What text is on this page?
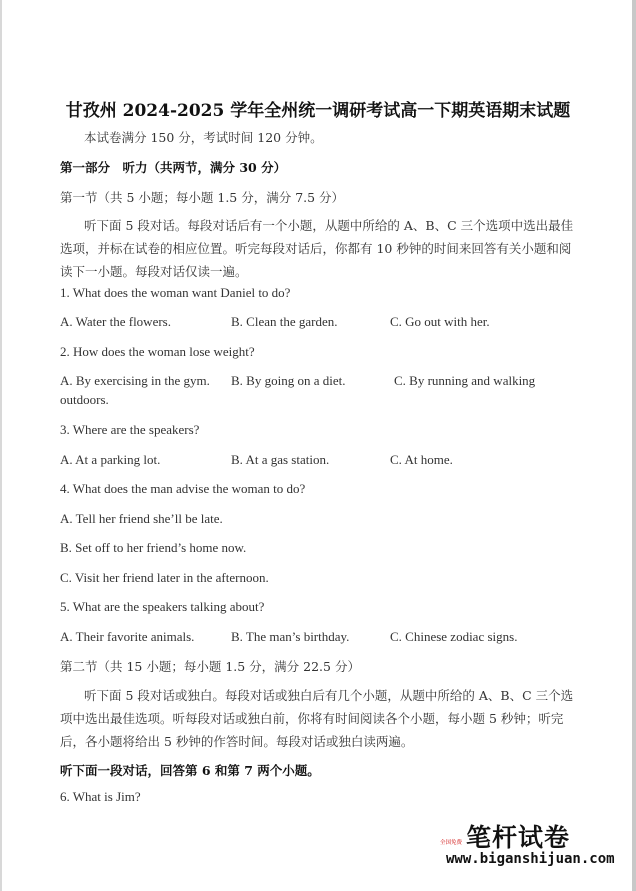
甘孜州 2024-2025 学年全州统一调研考试高一下期英语期末试题
本试卷满分 150 分，考试时间 120 分钟。
第一部分　听力（共两节，满分 30 分）
第一节（共 5 小题；每小题 1.5 分，满分 7.5 分）
听下面 5 段对话。每段对话后有一个小题，从题中所给的 A、B、C 三个选项中选出最佳
选项，并标在试卷的相应位置。听完每段对话后，你都有 10 秒钟的时间来回答有关小题和阅
读下一小题。每段对话仅读一遍。
1. What does the woman want Daniel to do?
A. Water the flowers.	B. Clean the garden.	C. Go out with her.
2. How does the woman lose weight?
A. By exercising in the gym. B. By going on a diet.	C. By running and walking
outdoors.
3. Where are the speakers?
A. At a parking lot.	B. At a gas station.	C. At home.
4. What does the man advise the woman to do?
A. Tell her friend she’ll be late.
B. Set off to her friend’s home now.
C. Visit her friend later in the afternoon.
5. What are the speakers talking about?
A. Their favorite animals.	B. The man’s birthday.	C. Chinese zodiac signs.
第二节（共 15 小题；每小题 1.5 分，满分 22.5 分）
听下面 5 段对话或独白。每段对话或独白后有几个小题，从题中所给的 A、B、C 三个选
项中选出最佳选项。听每段对话或独白前，你将有时间阅读各个小题，每小题 5 秒钟；听完
后，各小题将给出 5 秒钟的作答时间。每段对话或独白读两遍。
听下面一段对话，回答第 6 和第 7 两个小题。
6. What is Jim?
全国免费 笔杆试卷
www.biganshijuan.com
